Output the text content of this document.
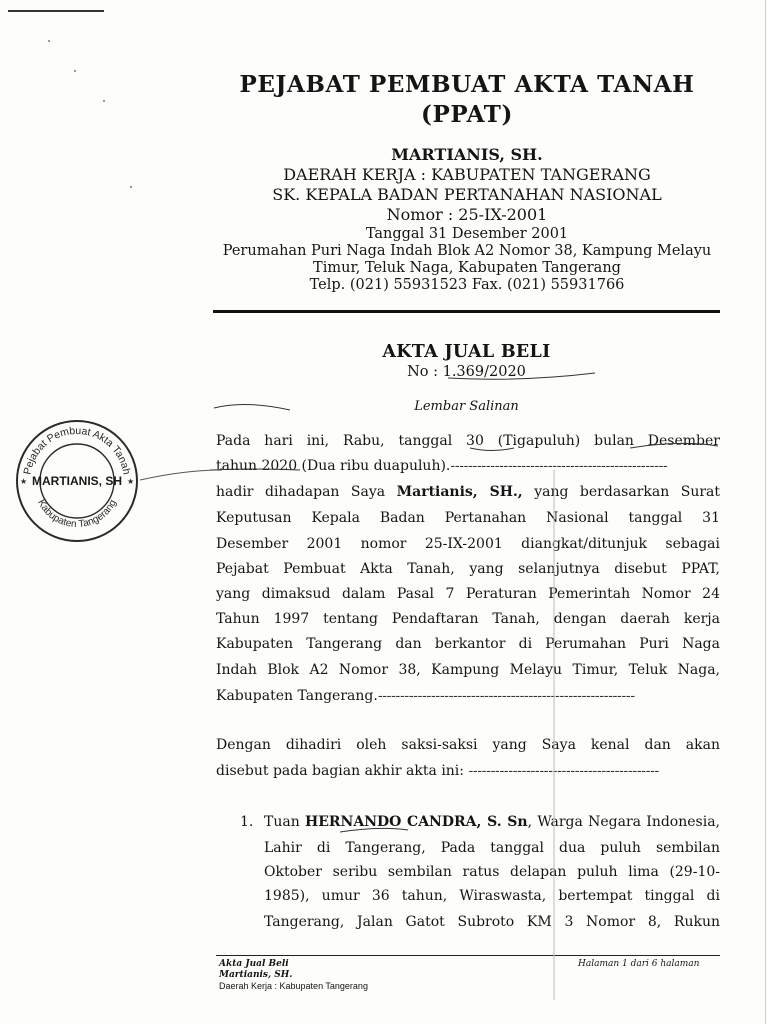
PEJABAT PEMBUAT AKTA TANAH
(PPAT)
MARTIANIS, SH.
DAERAH KERJA : KABUPATEN TANGERANG
SK. KEPALA BADAN PERTANAHAN NASIONAL
Nomor : 25-IX-2001
Tanggal 31 Desember 2001
Perumahan Puri Naga Indah Blok A2 Nomor 38, Kampung Melayu
Timur, Teluk Naga, Kabupaten Tangerang
Telp. (021) 55931523 Fax. (021) 55931766
AKTA JUAL BELI
No : 1.369/2020
Lembar Salinan
Pada hari ini, Rabu, tanggal 30 (Tigapuluh) bulan Desember
tahun 2020 (Dua ribu duapuluh).-------------------------------------------------
hadir dihadapan Saya Martianis, SH., yang berdasarkan Surat
Keputusan Kepala Badan Pertanahan Nasional tanggal 31
Desember 2001 nomor 25-IX-2001 diangkat/ditunjuk sebagai
Pejabat Pembuat Akta Tanah, yang selanjutnya disebut PPAT,
yang dimaksud dalam Pasal 7 Peraturan Pemerintah Nomor 24
Tahun 1997 tentang Pendaftaran Tanah, dengan daerah kerja
Kabupaten Tangerang dan berkantor di Perumahan Puri Naga
Indah Blok A2 Nomor 38, Kampung Melayu Timur, Teluk Naga,
Kabupaten Tangerang.----------------------------------------------------------
Dengan dihadiri oleh saksi-saksi yang Saya kenal dan akan
disebut pada bagian akhir akta ini: -------------------------------------------
1. Tuan HERNANDO CANDRA, S. Sn, Warga Negara Indonesia,
Lahir di Tangerang, Pada tanggal dua puluh sembilan
Oktober seribu sembilan ratus delapan puluh lima (29-10-
1985), umur 36 tahun, Wiraswasta, bertempat tinggal di
Tangerang, Jalan Gatot Subroto KM 3 Nomor 8, Rukun
Akta Jual Beli
Martianis, SH.
Daerah Kerja : Kabupaten Tangerang
Halaman 1 dari 6 halaman
Pejabat Pembuat Akta Tanah
Kabupaten Tangerang
MARTIANIS, SH
★	★
